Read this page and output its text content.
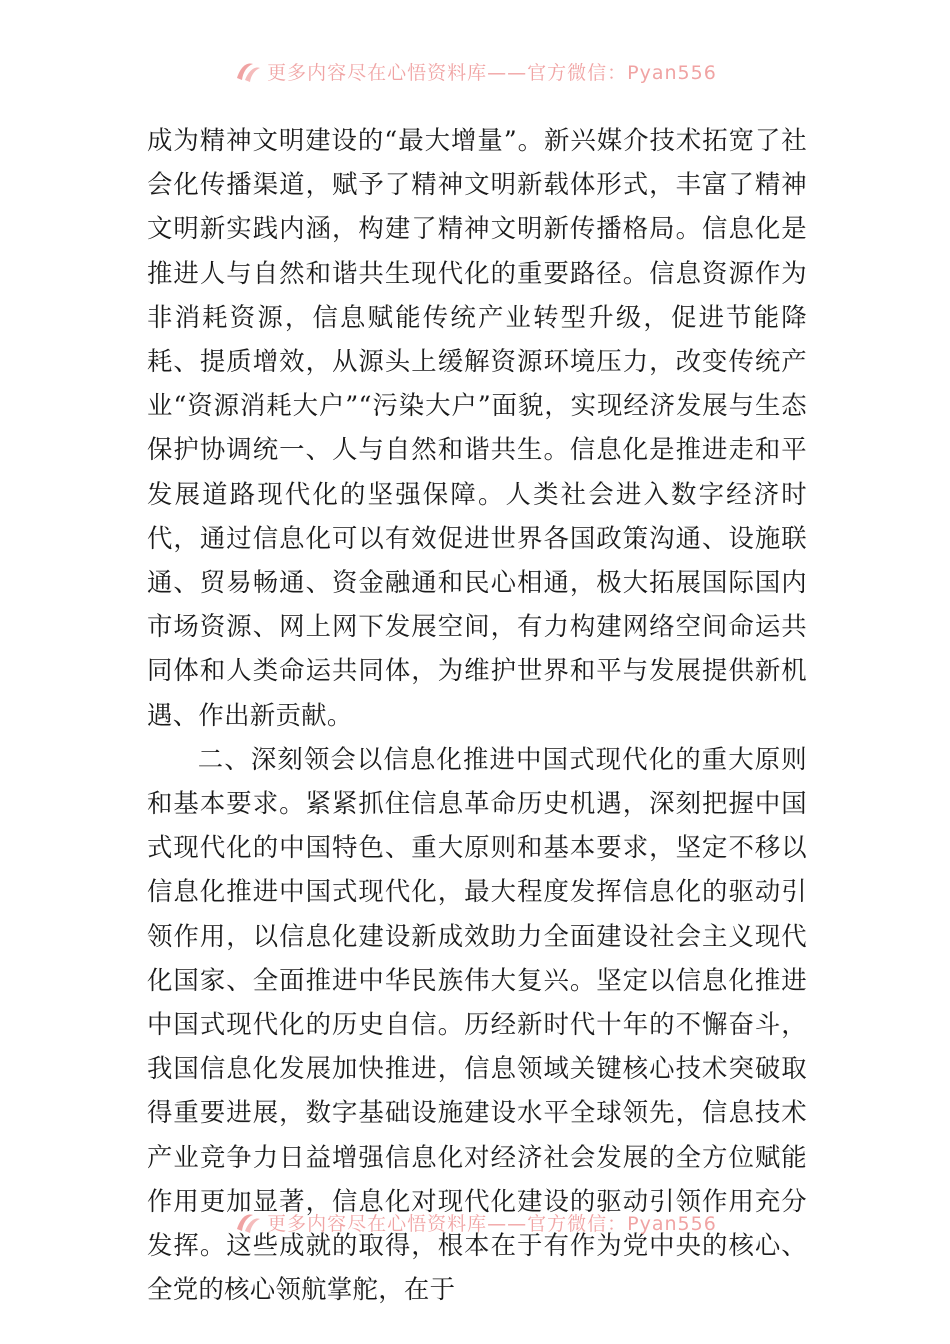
更多内容尽在心悟资料库——官方微信：Pyan556

成为精神文明建设的“最大增量”。新兴媒介技术拓宽了社会化传播渠道，赋予了精神文明新载体形式，丰富了精神文明新实践内涵，构建了精神文明新传播格局。信息化是推进人与自然和谐共生现代化的重要路径。信息资源作为非消耗资源，信息赋能传统产业转型升级，促进节能降耗、提质增效，从源头上缓解资源环境压力，改变传统产业“资源消耗大户”“污染大户”面貌，实现经济发展与生态保护协调统一、人与自然和谐共生。信息化是推进走和平发展道路现代化的坚强保障。人类社会进入数字经济时代，通过信息化可以有效促进世界各国政策沟通、设施联通、贸易畅通、资金融通和民心相通，极大拓展国际国内市场资源、网上网下发展空间，有力构建网络空间命运共同体和人类命运共同体，为维护世界和平与发展提供新机遇、作出新贡献。

二、深刻领会以信息化推进中国式现代化的重大原则和基本要求。紧紧抓住信息革命历史机遇，深刻把握中国式现代化的中国特色、重大原则和基本要求，坚定不移以信息化推进中国式现代化，最大程度发挥信息化的驱动引领作用，以信息化建设新成效助力全面建设社会主义现代化国家、全面推进中华民族伟大复兴。坚定以信息化推进中国式现代化的历史自信。历经新时代十年的不懈奋斗，我国信息化发展加快推进，信息领域关键核心技术突破取得重要进展，数字基础设施建设水平全球领先，信息技术产业竞争力日益增强信息化对经济社会发展的全方位赋能作用更加显著，信息化对现代化建设的驱动引领作用充分发挥。这些成就的取得，根本在于有作为党中央的核心、全党的核心领航掌舵，在于

更多内容尽在心悟资料库——官方微信：Pyan556
